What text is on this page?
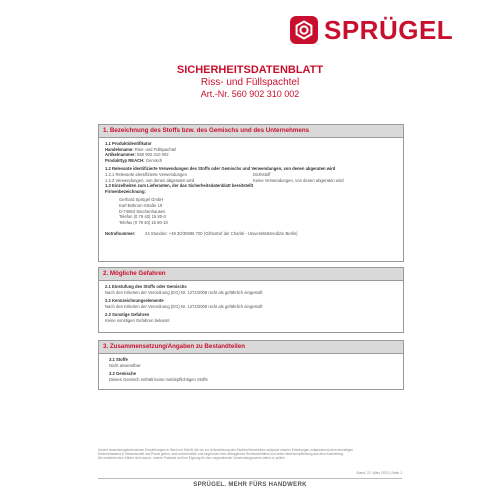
SPRÜGEL
SICHERHEITSDATENBLATT
Riss- und Füllspachtel
Art.-Nr. 560 902 310 002
1. Bezeichnung des Stoffs bzw. des Gemischs und des Unternehmens
1.1 Produktidentifikator
Handelsname:
Riss- und Füllspachtel
Artikelnummer:
560 902 310 002
Produkttyp REACH:
Gemisch
1.2 Relevante identifizierte Verwendungen des Stoffs oder Gemischs und Verwendungen, von denen abgeraten wird
1.2.1 Relevante identifizierte Verwendungen	Dichtstoff
1.2.2 Verwendungen, von denen abgeraten wird	Keine Verwendungen, von denen abgeraten wird
1.3 Einzelheiten zum Lieferanten, der das Sicherheitsdatenblatt bereitstellt
Firmenbezeichnung:
Gerhard Sprügel GmbH
Karl-Bührum-Straße 19
D-74653 Stuchenhausen
Telefon (0 79 40) 15 80-0
Telefax (0 79 40) 15 80-10
Notrufnummer:	24 Stunden: +49 30/30686 700 (Giftnotruf der Charité - Universitätsmedizin Berlin)
2. Mögliche Gefahren
2.1 Einstufung des Stoffs oder Gemischs
Nach den Kriterien der Verordnung (EG) Nr. 1272/2008 nicht als gefährlich eingestuft
2.2 Kennzeichnungselemente
Nach den Kriterien der Verordnung (EG) Nr. 1272/2008 nicht als gefährlich eingestuft
2.3 Sonstige Gefahren
Keine sonstigen Gefahren bekannt
3. Zusammensetzung/Angaben zu Bestandteilen
3.1 Stoffe
Nicht anwendbar
3.2 Gemische
Dieses Gemisch enthält keine meldepflichtigen Stoffe
Unsere anwendungstechnischen Empfehlungen in Wort und Schrift, die wir zur Unterstützung des Käufers/Verarbeiters aufgrund unserer Erfahrungen entsprechend dem derzeitigen
Erkenntnisstand in Wissenschaft und Praxis geben, sind unverbindlich und begründen kein vertragliches Rechtsverhältnis und keine Nebenverpflichtung aus dem Kaufvertrag.
Sie entbinden den Käufer nicht davon, unsere Produkte auf ihre Eignung für den vorgesehenen Verwendungszweck selbst zu prüfen.
Stand: 22. März 2023 | Seite 1
SPRÜGEL. MEHR FÜRS HANDWERK
